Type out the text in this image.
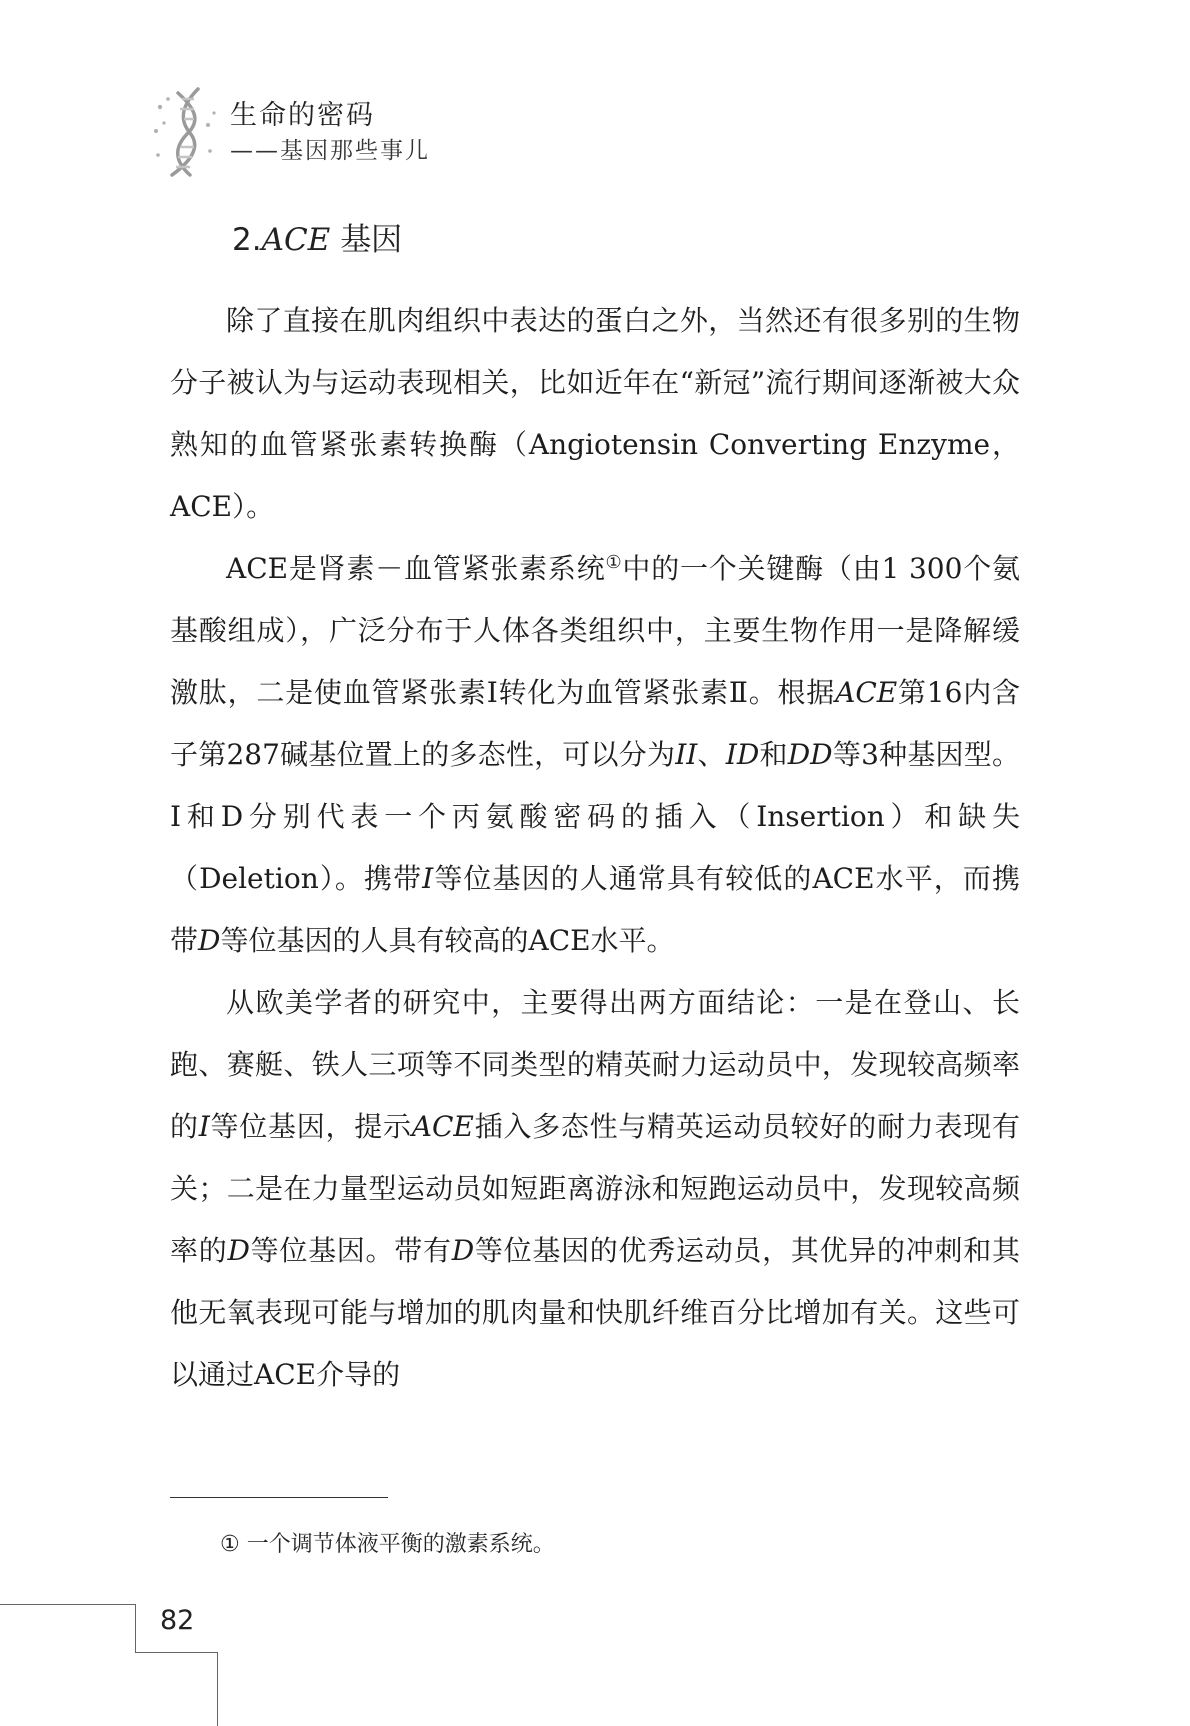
生命的密码
——基因那些事儿
2.ACE 基因

除了直接在肌肉组织中表达的蛋白之外，当然还有很多别的生物分子被认为与运动表现相关，比如近年在“新冠”流行期间逐渐被大众熟知的血管紧张素转换酶（Angiotensin Converting Enzyme，ACE）。

ACE是肾素－血管紧张素系统①中的一个关键酶（由1 300个氨基酸组成），广泛分布于人体各类组织中，主要生物作用一是降解缓激肽，二是使血管紧张素Ⅰ转化为血管紧张素Ⅱ。根据ACE第16内含子第287碱基位置上的多态性，可以分为II、ID和DD等3种基因型。I和D分别代表一个丙氨酸密码的插入（Insertion）和缺失（Deletion）。携带I等位基因的人通常具有较低的ACE水平，而携带D等位基因的人具有较高的ACE水平。

从欧美学者的研究中，主要得出两方面结论：一是在登山、长跑、赛艇、铁人三项等不同类型的精英耐力运动员中，发现较高频率的I等位基因，提示ACE插入多态性与精英运动员较好的耐力表现有关；二是在力量型运动员如短距离游泳和短跑运动员中，发现较高频率的D等位基因。带有D等位基因的优秀运动员，其优异的冲刺和其他无氧表现可能与增加的肌肉量和快肌纤维百分比增加有关。这些可以通过ACE介导的

① 一个调节体液平衡的激素系统。
82
